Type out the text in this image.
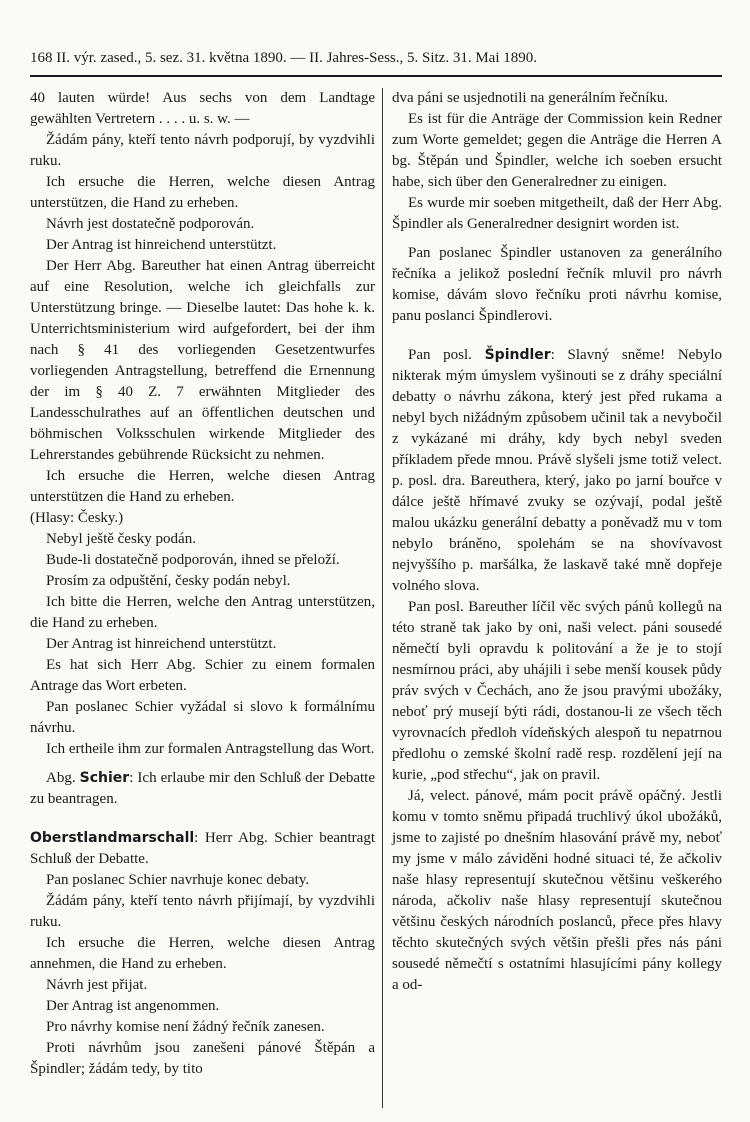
168 II. výr. zased., 5. sez. 31. května 1890. — II. Jahres-Sess., 5. Sitz. 31. Mai 1890.

40 lauten würde! Aus sechs von dem Landtage gewählten Vertretern . . . . u. s. w. —

Žádám pány, kteří tento návrh podporují, by vyzdvihli ruku.

Ich ersuche die Herren, welche diesen Antrag unterstützen, die Hand zu erheben.

Návrh jest dostatečně podporován.

Der Antrag ist hinreichend unterstützt.

Der Herr Abg. Bareuther hat einen Antrag überreicht auf eine Resolution, welche ich gleichfalls zur Unterstützung bringe. — Dieselbe lautet: Das hohe k. k. Unterrichtsministerium wird aufgefordert, bei der ihm nach § 41 des vorliegenden Gesetzentwurfes vorliegenden Antragstellung, betreffend die Ernennung der im § 40 Z. 7 erwähnten Mitglieder des Landesschulrathes auf an öffentlichen deutschen und böhmischen Volksschulen wirkende Mitglieder des Lehrerstandes gebührende Rücksicht zu nehmen.

Ich ersuche die Herren, welche diesen Antrag unterstützen die Hand zu erheben.

(Hlasy: Česky.)

Nebyl ještě česky podán.

Bude-li dostatečně podporován, ihned se přeloží.

Prosím za odpuštění, česky podán nebyl.

Ich bitte die Herren, welche den Antrag unterstützen, die Hand zu erheben.

Der Antrag ist hinreichend unterstützt.

Es hat sich Herr Abg. Schier zu einem formalen Antrage das Wort erbeten.

Pan poslanec Schier vyžádal si slovo k formálnímu návrhu.

Ich ertheile ihm zur formalen Antragstellung das Wort.

Abg. Schier: Ich erlaube mir den Schluß der Debatte zu beantragen.

Oberstlandmarschall: Herr Abg. Schier beantragt Schluß der Debatte.

Pan poslanec Schier navrhuje konec debaty.

Žádám pány, kteří tento návrh přijímají, by vyzdvihli ruku.

Ich ersuche die Herren, welche diesen Antrag annehmen, die Hand zu erheben.

Návrh jest přijat.

Der Antrag ist angenommen.

Pro návrhy komise není žádný řečník zanesen.

Proti návrhům jsou zanešeni pánové Štěpán a Špindler; žádám tedy, by tito

dva páni se usjednotili na generálním řečníku.

Es ist für die Anträge der Commission kein Redner zum Worte gemeldet; gegen die Anträge die Herren A bg. Štěpán und Špindler, welche ich soeben ersucht habe, sich über den Generalredner zu einigen.

Es wurde mir soeben mitgetheilt, daß der Herr Abg. Špindler als Generalredner designirt worden ist.

Pan poslanec Špindler ustanoven za generálního řečníka a jelikož poslední řečník mluvil pro návrh komise, dávám slovo řečníku proti návrhu komise, panu poslanci Špindlerovi.

Pan posl. Špindler: Slavný sněme! Nebylo nikterak mým úmyslem vyšinouti se z dráhy speciální debatty o návrhu zákona, který jest před rukama a nebyl bych nižádným způsobem učinil tak a nevybočil z vykázané mi dráhy, kdy bych nebyl sveden příkladem přede mnou. Právě slyšeli jsme totiž velect. p. posl. dra. Bareuthera, který, jako po jarní bouřce v dálce ještě hřímavé zvuky se ozývají, podal ještě malou ukázku generální debatty a poněvadž mu v tom nebylo bráněno, spolehám se na shovívavost nejvyššího p. maršálka, že laskavě také mně dopřeje volného slova.

Pan posl. Bareuther líčil věc svých pánů kollegů na této straně tak jako by oni, naši velect. páni sousedé němečtí byli opravdu k politování a že je to stojí nesmírnou práci, aby uhájili i sebe menší kousek půdy práv svých v Čechách, ano že jsou pravými ubožáky, neboť prý musejí býti rádi, dostanou-li ze všech těch vyrovnacích předloh vídeňských alespoň tu nepatrnou předlohu o zemské školní radě resp. rozdělení její na kurie, „pod střechu“, jak on pravil.

Já, velect. pánové, mám pocit právě opáčný. Jestli komu v tomto sněmu připadá truchlivý úkol ubožáků, jsme to zajisté po dnešním hlasování právě my, neboť my jsme v málo záviděni hodné situaci té, že ačkoliv naše hlasy representují skutečnou většinu veškerého národa, ačkoliv naše hlasy representují skutečnou většinu českých národních poslanců, přece přes hlavy těchto skutečných svých většin přešli přes nás páni sousedé němečtí s ostatními hlasujícími pány kollegy a od-
